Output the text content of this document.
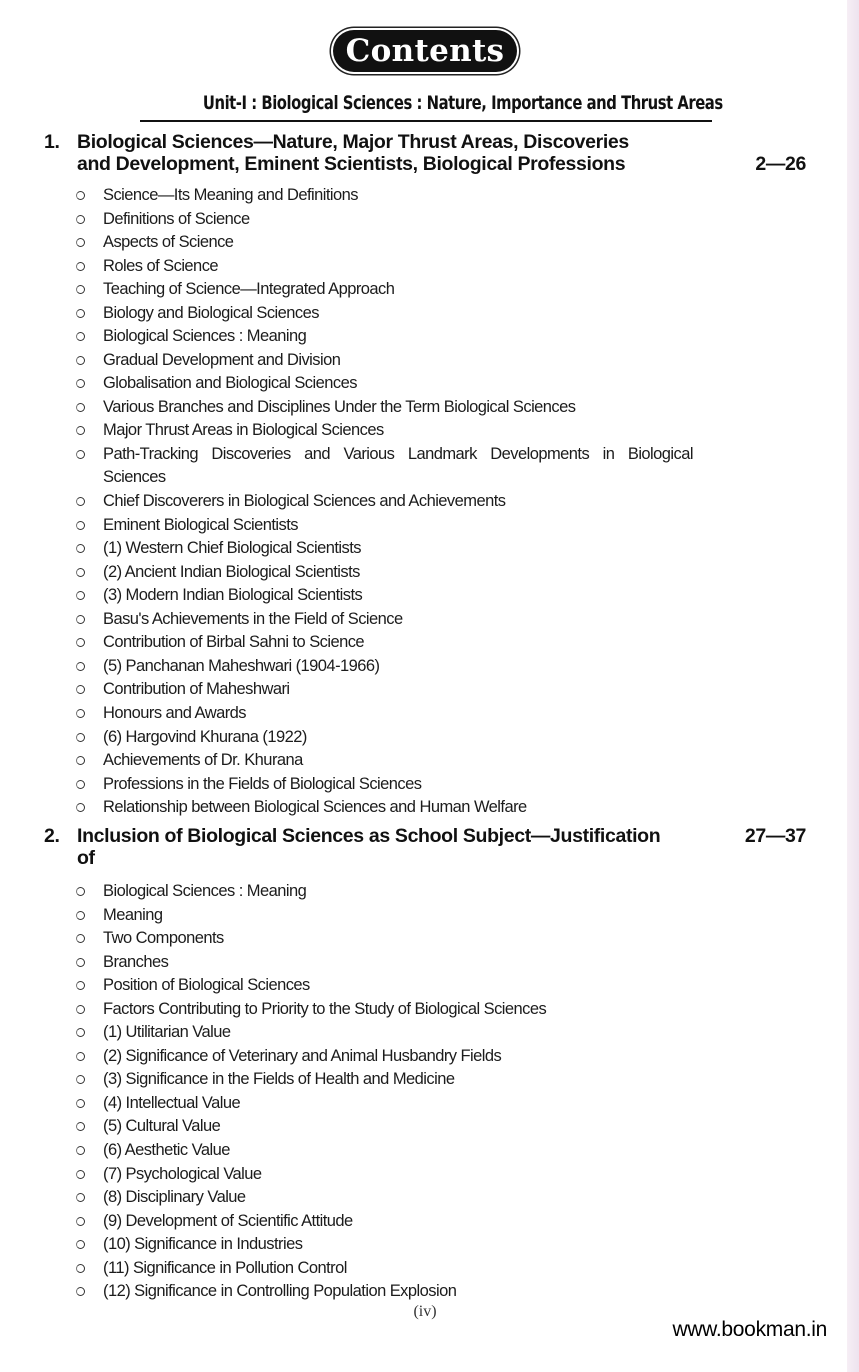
Contents
Unit-I : Biological Sciences : Nature, Importance and Thrust Areas
1. Biological Sciences—Nature, Major Thrust Areas, Discoveries
and Development, Eminent Scientists, Biological Professions	2—26
Science—Its Meaning and Definitions
Definitions of Science
Aspects of Science
Roles of Science
Teaching of Science—Integrated Approach
Biology and Biological Sciences
Biological Sciences : Meaning
Gradual Development and Division
Globalisation and Biological Sciences
Various Branches and Disciplines Under the Term Biological Sciences
Major Thrust Areas in Biological Sciences
Path-Tracking Discoveries and Various Landmark Developments in Biological Sciences
Chief Discoverers in Biological Sciences and Achievements
Eminent Biological Scientists
(1) Western Chief Biological Scientists
(2) Ancient Indian Biological Scientists
(3) Modern Indian Biological Scientists
Basu's Achievements in the Field of Science
Contribution of Birbal Sahni to Science
(5) Panchanan Maheshwari (1904-1966)
Contribution of Maheshwari
Honours and Awards
(6) Hargovind Khurana (1922)
Achievements of Dr. Khurana
Professions in the Fields of Biological Sciences
Relationship between Biological Sciences and Human Welfare
2. Inclusion of Biological Sciences as School Subject—Justification
of
27—37
Biological Sciences : Meaning
Meaning
Two Components
Branches
Position of Biological Sciences
Factors Contributing to Priority to the Study of Biological Sciences
(1) Utilitarian Value
(2) Significance of Veterinary and Animal Husbandry Fields
(3) Significance in the Fields of Health and Medicine
(4) Intellectual Value
(5) Cultural Value
(6) Aesthetic Value
(7) Psychological Value
(8) Disciplinary Value
(9) Development of Scientific Attitude
(10) Significance in Industries
(11) Significance in Pollution Control
(12) Significance in Controlling Population Explosion
(iv)
www.bookman.in
